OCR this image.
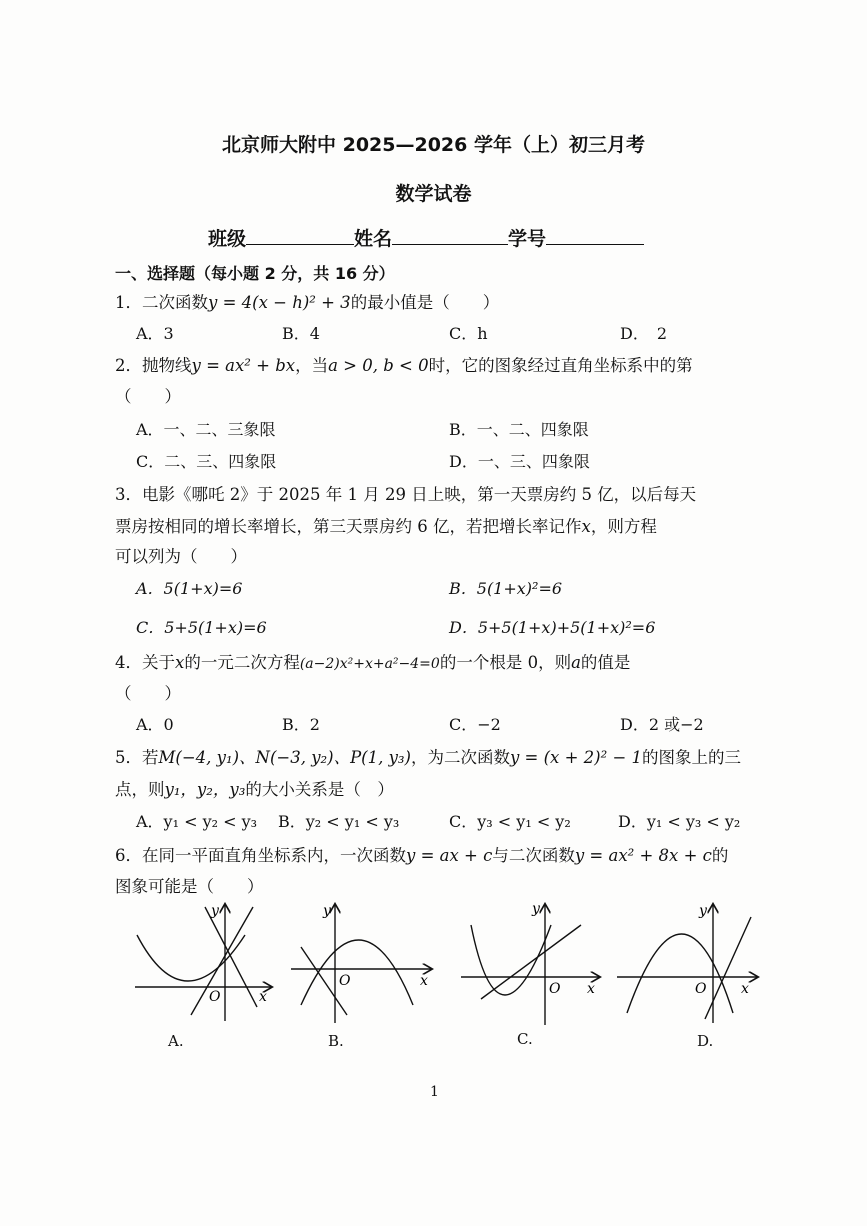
北京师大附中 2025—2026 学年（上）初三月考
数学试卷
班级	姓名	学号
一、选择题（每小题 2 分，共 16 分）
1．二次函数y = 4(x − h)² + 3的最小值是（　　）
A．3	B．4	C．h	D．　2
2．抛物线y = ax² + bx，当a > 0, b < 0时，它的图象经过直角坐标系中的第
（　　）
A．一、二、三象限	B．一、二、四象限
C．二、三、四象限	D．一、三、四象限
3．电影《哪吒 2》于 2025 年 1 月 29 日上映，第一天票房约 5 亿，以后每天
票房按相同的增长率增长，第三天票房约 6 亿，若把增长率记作x，则方程
可以列为（　　）
A．5(1+x)=6	B．5(1+x)²=6
C．5+5(1+x)=6	D．5+5(1+x)+5(1+x)²=6
4．关于x的一元二次方程(a−2)x²+x+a²−4=0的一个根是 0，则a的值是
（　　）
A．0	B．2	C．−2	D．2 或−2
5．若M(−4, y₁)、N(−3, y₂)、P(1, y₃)，为二次函数y = (x + 2)² − 1的图象上的三
点，则y₁，y₂，y₃的大小关系是（　）
A．y₁ < y₂ < y₃ B．y₂ < y₁ < y₃	C．y₃ < y₁ < y₂	D．y₁ < y₃ < y₂
6．在同一平面直角坐标系内，一次函数y = ax + c与二次函数y = ax² + 8x + c的
图象可能是（　　）
O	x
y
O	x
y
O x
y
O x
y
A.	B.	C.	D.
1
